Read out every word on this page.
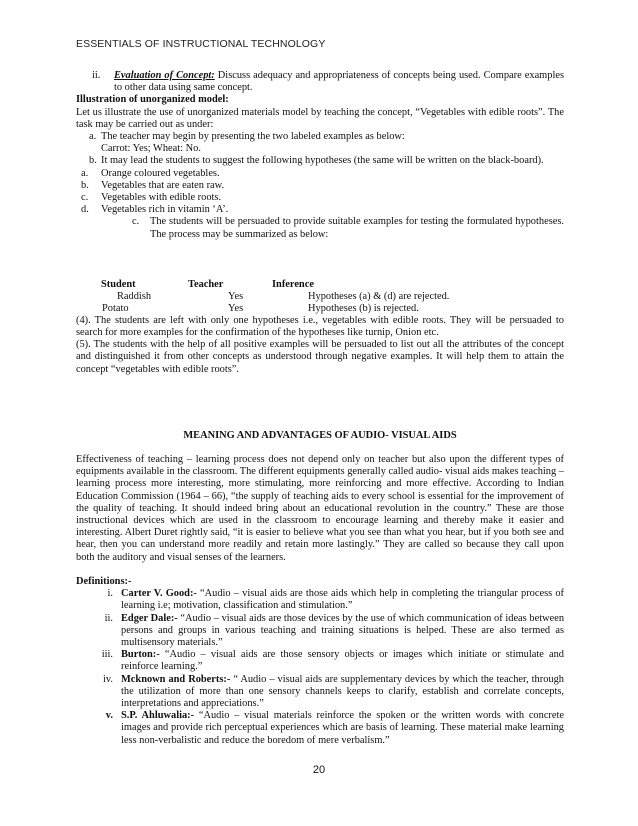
ESSENTIALS OF INSTRUCTIONAL TECHNOLOGY
ii.	Evaluation of Concept: Discuss adequacy and appropriateness of concepts being used. Compare examples to other data using same concept.

Illustration of unorganized model:

Let us illustrate the use of unorganized materials model by teaching the concept, “Vegetables with edible roots”. The task may be carried out as under:

a. The teacher may begin by presenting the two labeled examples as below:

Carrot: Yes; Wheat: No.

b. It may lead the students to suggest the following hypotheses (the same will be written on the black-board).
a.	Orange coloured vegetables.
b.	Vegetables that are eaten raw.
c.	Vegetables with edible roots.
d.	Vegetables rich in vitamin ‘A’.
c.	The students will be persuaded to provide suitable examples for testing the formulated hypotheses. The process may be summarized as below:
Student	Teacher	Inference
Raddish	Yes	Hypotheses (a) & (d) are rejected.
Potato	Yes	Hypotheses (b) is rejected.

(4). The students are left with only one hypotheses i.e., vegetables with edible roots. They will be persuaded to search for more examples for the confirmation of the hypotheses like turnip, Onion etc.

(5). The students with the help of all positive examples will be persuaded to list out all the attributes of the concept and distinguished it from other concepts as understood through negative examples. It will help them to attain the concept “vegetables with edible roots”.

MEANING AND ADVANTAGES OF AUDIO- VISUAL AIDS

Effectiveness of teaching – learning process does not depend only on teacher but also upon the different types of equipments available in the classroom. The different equipments generally called audio- visual aids makes teaching – learning process more interesting, more stimulating, more reinforcing and more effective. According to Indian Education Commission (1964 – 66), “the supply of teaching aids to every school is essential for the improvement of the quality of teaching. It should indeed bring about an educational revolution in the country.” These are those instructional devices which are used in the classroom to encourage learning and thereby make it easier and interesting. Albert Duret rightly said, “it is easier to believe what you see than what you hear, but if you both see and hear, then you can understand more readily and retain more lastingly.” They are called so because they call upon both the auditory and visual senses of the learners.

Definitions:-

i. Carter V. Good:- “Audio – visual aids are those aids which help in completing the triangular process of learning i.e; motivation, classification and stimulation.”
ii. Edger Dale:- “Audio – visual aids are those devices by the use of which communication of ideas between persons and groups in various teaching and training situations is helped. These are also termed as multisensory materials.”
iii. Burton:- “Audio – visual aids are those sensory objects or images which initiate or stimulate and reinforce learning.”
iv. Mcknown and Roberts:- “ Audio – visual aids are supplementary devices by which the teacher, through the utilization of more than one sensory channels keeps to clarify, establish and correlate concepts, interpretations and appreciations.”
v. S.P. Ahluwalia:- “Audio – visual materials reinforce the spoken or the written words with concrete images and provide rich perceptual experiences which are basis of learning. These material make learning less non-verbalistic and reduce the boredom of mere verbalism.”
20
